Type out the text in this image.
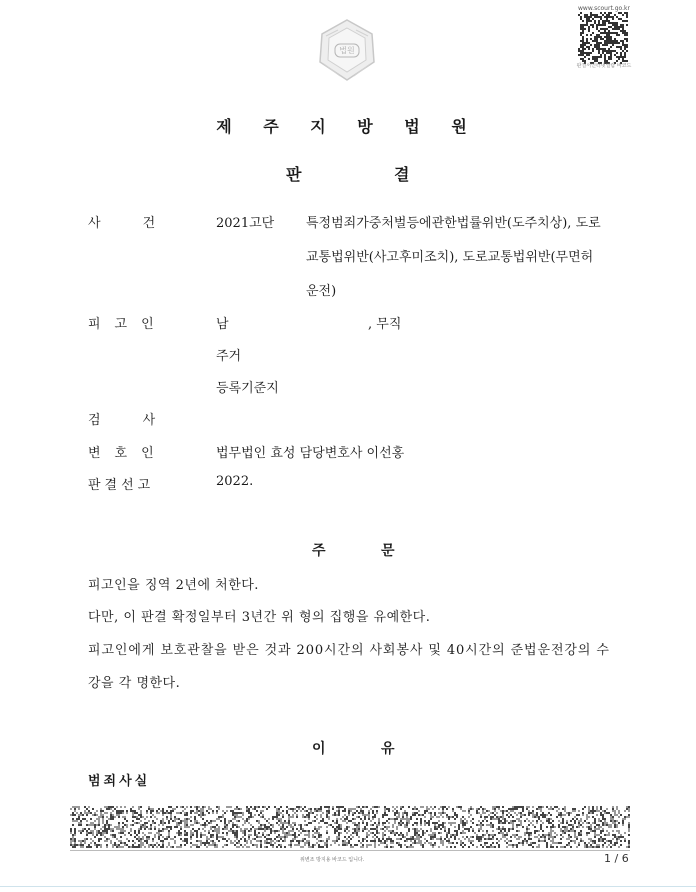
법원
www.scourt.go.kr
판결서인터넷열람 바코드
제 주 지 방 법 원
판	결
사	건	2021고단 특정범죄가중처벌등에관한법률위반(도주치상), 도로
교통법위반(사고후미조치), 도로교통법위반(무면허
운전)
피고인	남	, 무직
주거
등록기준지
검	사
변호인	법무법인 효성 담당변호사 이선홍
판결선고	2022.
주	문
피고인을 징역 2년에 처한다.
다만, 이 판결 확정일부터 3년간 위 형의 집행을 유예한다.
피고인에게 보호관찰을 받은 것과 200시간의 사회봉사 및 40시간의 준법운전강의 수
강을 각 명한다.
이	유
범죄사실
위변조 방지용 바코드 입니다.	1 / 6
